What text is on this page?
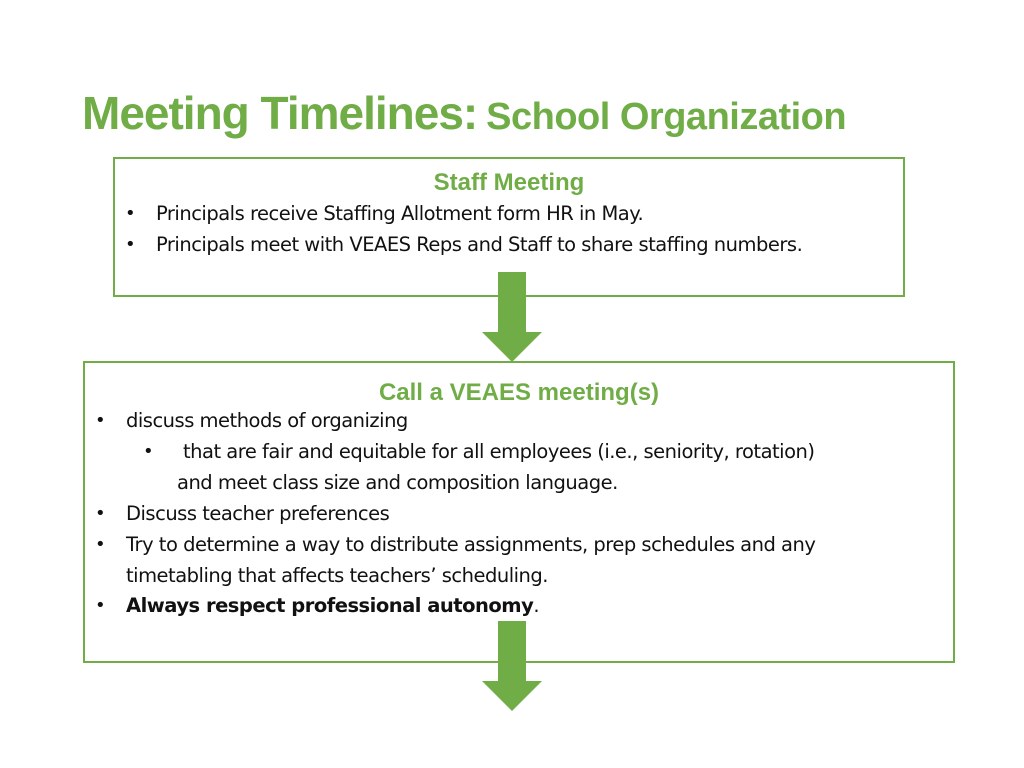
Meeting Timelines: School Organization
Staff Meeting
• Principals receive Staffing Allotment form HR in May.
• Principals meet with VEAES Reps and Staff to share staffing numbers.
Call a VEAES meeting(s)
• discuss methods of organizing
• that are fair and equitable for all employees (i.e., seniority, rotation)
and meet class size and composition language.
• Discuss teacher preferences
• Try to determine a way to distribute assignments, prep schedules and any
timetabling that affects teachers’ scheduling.
• Always respect professional autonomy.
